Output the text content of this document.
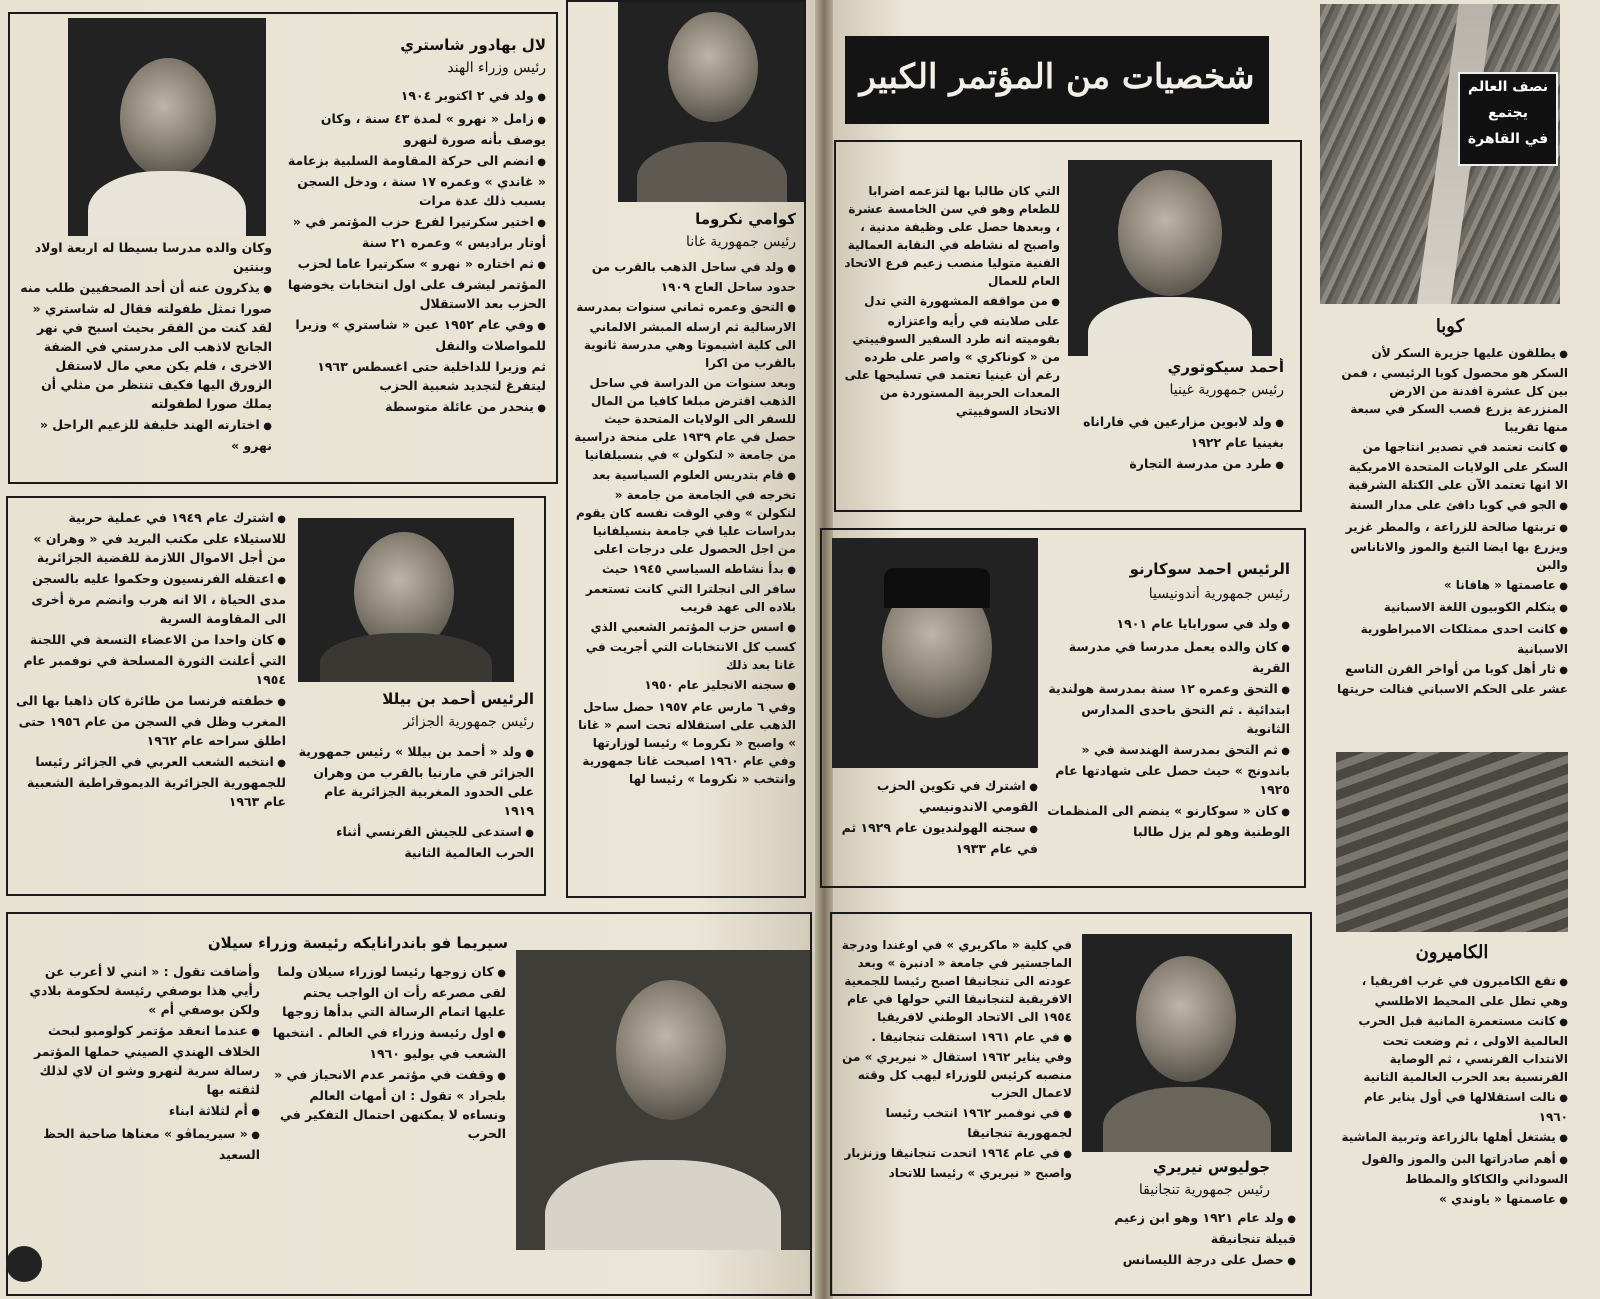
لال بهادور شاستري
رئيس وزراء الهند

● ولد في ٢ اكتوبر ١٩٠٤

● زامل « نهرو » لمدة ٤٣ سنة ، وكان يوصف بأنه صورة لنهرو

● انضم الى حركة المقاومة السلبية بزعامة « غاندي » وعمره ١٧ سنة ، ودخل السجن بسبب ذلك عدة مرات

● اختير سكرتيرا لفرع حزب المؤتمر في « أوتار براديس » وعمره ٢١ سنة

● ثم اختاره « نهرو » سكرتيرا عاما لحزب المؤتمر ليشرف على اول انتخابات يخوضها الحزب بعد الاستقلال

● وفي عام ١٩٥٢ عين « شاستري » وزيرا للمواصلات والنقل

ثم وزيرا للداخلية حتى اغسطس ١٩٦٣ ليتفرغ لتجديد شعبية الحزب

● ينحدر من عائلة متوسطة

وكان والده مدرسا بسيطا له اربعة اولاد وبنتين

● يذكرون عنه أن أحد الصحفيين طلب منه صورا تمثل طفولته فقال له شاستري « لقد كنت من الفقر بحيث اسبح في نهر الجانج لاذهب الى مدرستي في الضفة الاخرى ، فلم يكن معي مال لاستقل الزورق اليها فكيف تنتظر من مثلي أن يملك صورا لطفولته

● اختارته الهند خليفة للزعيم الراحل « نهرو »

كوامي نكروما
رئيس جمهورية غانا

● ولد في ساحل الذهب بالقرب من حدود ساحل العاج ١٩٠٩

● التحق وعمره ثماني سنوات بمدرسة الارسالية ثم ارسله المبشر الالماني الى كلية اشيموتا وهي مدرسة ثانوية بالقرب من اكرا

وبعد سنوات من الدراسة في ساحل الذهب اقترض مبلغا كافيا من المال للسفر الى الولايات المتحدة حيث حصل في عام ١٩٣٩ على منحة دراسية من جامعة « لنكولن » في بنسيلفانيا

● قام بتدريس العلوم السياسية بعد تخرجه في الجامعة من جامعة « لنكولن » وفي الوقت نفسه كان يقوم بدراسات عليا في جامعة بنسيلفانيا من اجل الحصول على درجات اعلى

● بدأ نشاطه السياسي ١٩٤٥ حيث سافر الى انجلترا التي كانت تستعمر بلاده الى عهد قريب

● اسس حزب المؤتمر الشعبي الذي كسب كل الانتخابات التي أجريت في غانا بعد ذلك

● سجنه الانجليز عام ١٩٥٠

وفي ٦ مارس عام ١٩٥٧ حصل ساحل الذهب على استقلاله تحت اسم « غانا » واصبح « نكروما » رئيسا لوزارتها وفي عام ١٩٦٠ اصبحت غانا جمهورية وانتخب « نكروما » رئيسا لها

الرئيس أحمد بن بيللا
رئيس جمهورية الجزائر

● اشترك عام ١٩٤٩ في عملية حربية للاستيلاء على مكتب البريد في « وهران » من أجل الاموال اللازمة للقضية الجزائرية

● اعتقله الفرنسيون وحكموا عليه بالسجن مدى الحياة ، الا انه هرب وانضم مرة أخرى الى المقاومة السرية

● كان واحدا من الاعضاء التسعة في اللجنة التي أعلنت الثورة المسلحة في نوفمبر عام ١٩٥٤

● خطفته فرنسا من طائرة كان ذاهبا بها الى المغرب وظل في السجن من عام ١٩٥٦ حتى اطلق سراحه عام ١٩٦٢

● انتخبه الشعب العربي في الجزائر رئيسا للجمهورية الجزائرية الديموقراطية الشعبية عام ١٩٦٣

● ولد « أحمد بن بيللا » رئيس جمهورية الجزائر في مارنيا بالقرب من وهران على الحدود المغربية الجزائرية عام ١٩١٩

● استدعى للجيش الفرنسي أثناء الحرب العالمية الثانية

سيريما فو باندرانايكه رئيسة وزراء سيلان

● كان زوجها رئيسا لوزراء سيلان ولما لقى مصرعه رأت ان الواجب يحتم عليها اتمام الرسالة التي بدأها زوجها

● اول رئيسة وزراء في العالم . انتخبها الشعب في يوليو ١٩٦٠

● وقفت في مؤتمر عدم الانحياز في « بلجراد » تقول : ان أمهات العالم ونساءه لا يمكنهن احتمال التفكير في الحرب

وأضافت تقول : « انني لا أعرب عن رأيي هذا بوصفي رئيسة لحكومة بلادي ولكن بوصفي أم »

● عندما انعقد مؤتمر كولومبو لبحث الخلاف الهندي الصيني حملها المؤتمر رسالة سرية لنهرو وشو ان لاي لذلك لثقته بها

● أم لثلاثة ابناء

● « سيريماڤو » معناها صاحبة الحظ السعيد

شخصيات من المؤتمر الكبير
أحمد سيكوتوري
رئيس جمهورية غينيا

● ولد لابوين مزارعين في فاراناه بغينيا عام ١٩٢٢

● طرد من مدرسة التجارة

التي كان طالبا بها لتزعمه اضرابا للطعام وهو في سن الخامسة عشرة ، وبعدها حصل على وظيفة مدنية ، واصبح له نشاطه في النقابة العمالية الفنية متوليا منصب زعيم فرع الاتحاد العام للعمال

● من مواقفه المشهورة التي تدل على صلابته في رأيه واعتزازه بقوميته انه طرد السفير السوفييتي من « كوناكري » واصر على طرده رغم أن غينيا تعتمد في تسليحها على المعدات الحربية المستوردة من الاتحاد السوفييتي

الرئيس احمد سوكارنو
رئيس جمهورية أندونيسيا

● ولد في سورابايا عام ١٩٠١

● كان والده يعمل مدرسا في مدرسة القرية

● التحق وعمره ١٢ سنة بمدرسة هولندية ابتدائية . ثم التحق باحدى المدارس الثانوية

● ثم التحق بمدرسة الهندسة في « باندونج » حيث حصل على شهادتها عام ١٩٢٥

● كان « سوكارنو » ينضم الى المنظمات الوطنية وهو لم يزل طالبا

● اشترك في تكوين الحزب القومي الاندونيسي

● سجنه الهولنديون عام ١٩٢٩ ثم في عام ١٩٣٣

جوليوس نيريري
رئيس جمهورية تنجانيقا

● ولد عام ١٩٢١ وهو ابن زعيم قبيلة تنجانيقة

● حصل على درجة الليسانس

في كلية « ماكريري » في اوغندا ودرجة الماجستير في جامعة « ادنبرة » وبعد عودته الى تنجانيقا اصبح رئيسا للجمعية الافريقية لتنجانيقا التي حولها في عام ١٩٥٤ الى الاتحاد الوطني لافريقيا

● في عام ١٩٦١ استقلت تنجانيقا . وفي يناير ١٩٦٢ استقال « نيريري » من منصبه كرئيس للوزراء ليهب كل وقته لاعمال الحزب

● في نوفمبر ١٩٦٢ انتخب رئيسا لجمهورية تنجانيقا

● في عام ١٩٦٤ اتحدت تنجانيقا وزنزبار واصبح « نيريري » رئيسا للاتحاد

نصف العالم
يجتمع
في القاهرة
كوبا

● يطلقون عليها جزيرة السكر لأن السكر هو محصول كوبا الرئيسي ، فمن بين كل عشرة افدنة من الارض المنزرعة يزرع قصب السكر في سبعة منها تقريبا

● كانت تعتمد في تصدير انتاجها من السكر على الولايات المتحدة الامريكية الا انها تعتمد الآن على الكتلة الشرقية

● الجو في كوبا دافئ على مدار السنة

● تربتها صالحة للزراعة ، والمطر غزير ويزرع بها ايضا التبغ والموز والاناناس والبن

● عاصمتها « هافانا »

● يتكلم الكوبيون اللغة الاسبانية

● كانت احدى ممتلكات الامبراطورية الاسبانية

● ثار أهل كوبا من أواخر القرن التاسع عشر على الحكم الاسباني فنالت حريتها

الكاميرون

● تقع الكاميرون في غرب افريقيا ، وهي تطل على المحيط الاطلسي

● كانت مستعمرة المانية قبل الحرب العالمية الاولى ، ثم وضعت تحت الانتداب الفرنسي ، ثم الوصاية الفرنسية بعد الحرب العالمية الثانية

● نالت استقلالها في أول يناير عام ١٩٦٠

● يشتغل أهلها بالزراعة وتربية الماشية

● أهم صادراتها البن والموز والفول السوداني والكاكاو والمطاط

● عاصمتها « ياوندي »
